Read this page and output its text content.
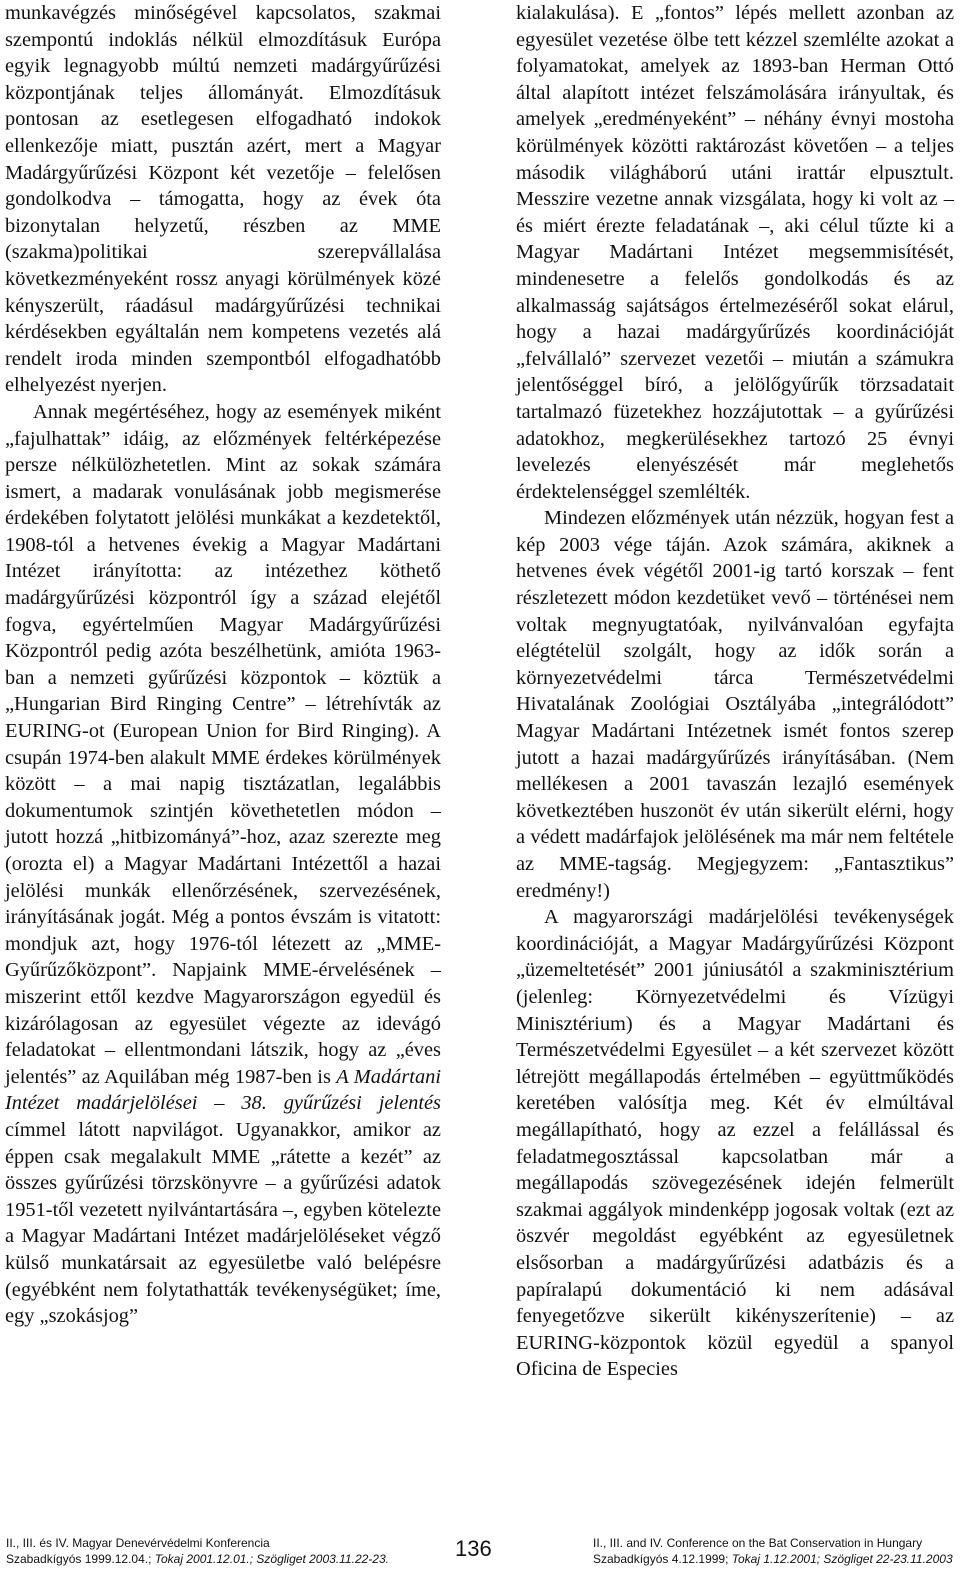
munkavégzés minőségével kapcsolatos, szakmai szempontú indoklás nélkül elmozdításuk Európa egyik legnagyobb múltú nemzeti madárgyűrűzési központjának teljes állományát. Elmozdításuk pontosan az esetlegesen elfogadható indokok ellenkezője miatt, pusztán azért, mert a Magyar Madárgyűrűzési Központ két vezetője – felelősen gondolkodva – támogatta, hogy az évek óta bizonytalan helyzetű, részben az MME (szakma)politikai szerepvállalása következményeként rossz anyagi körülmények közé kényszerült, ráadásul madárgyűrűzési technikai kérdésekben egyáltalán nem kompetens vezetés alá rendelt iroda minden szempontból elfogadhatóbb elhelyezést nyerjen.

Annak megértéséhez, hogy az események miként „fajulhattak” idáig, az előzmények feltérképezése persze nélkülözhetetlen. Mint az sokak számára ismert, a madarak vonulásának jobb megismerése érdekében folytatott jelölési munkákat a kezdetektől, 1908-tól a hetvenes évekig a Magyar Madártani Intézet irányította: az intézethez köthető madárgyűrűzési központról így a század elejétől fogva, egyértelműen Magyar Madárgyűrűzési Központról pedig azóta beszélhetünk, amióta 1963-ban a nemzeti gyűrűzési központok – köztük a „Hungarian Bird Ringing Centre” – létrehívták az EURING-ot (European Union for Bird Ringing). A csupán 1974-ben alakult MME érdekes körülmények között – a mai napig tisztázatlan, legalábbis dokumentumok szintjén követhetetlen módon – jutott hozzá „hitbizományá”-hoz, azaz szerezte meg (orozta el) a Magyar Madártani Intézettől a hazai jelölési munkák ellenőrzésének, szervezésének, irányításának jogát. Még a pontos évszám is vitatott: mondjuk azt, hogy 1976-tól létezett az „MME-Gyűrűzőközpont”. Napjaink MME-érvelésének – miszerint ettől kezdve Magyarországon egyedül és kizárólagosan az egyesület végezte az idevágó feladatokat – ellentmondani látszik, hogy az „éves jelentés” az Aquilában még 1987-ben is A Madártani Intézet madárjelölései – 38. gyűrűzési jelentés címmel látott napvilágot. Ugyanakkor, amikor az éppen csak megalakult MME „rátette a kezét” az összes gyűrűzési törzskönyvre – a gyűrűzési adatok 1951-től vezetett nyilvántartására –, egyben kötelezte a Magyar Madártani Intézet madárjelöléseket végző külső munkatársait az egyesületbe való belépésre (egyébként nem folytathatták tevékenységüket; íme, egy „szokásjog”

kialakulása). E „fontos” lépés mellett azonban az egyesület vezetése ölbe tett kézzel szemlélte azokat a folyamatokat, amelyek az 1893-ban Herman Ottó által alapított intézet felszámolására irányultak, és amelyek „eredményeként” – néhány évnyi mostoha körülmények közötti raktározást követően – a teljes második világháború utáni irattár elpusztult. Messzire vezetne annak vizsgálata, hogy ki volt az – és miért érezte feladatának –, aki célul tűzte ki a Magyar Madártani Intézet megsemmisítését, mindenesetre a felelős gondolkodás és az alkalmasság sajátságos értelmezéséről sokat elárul, hogy a hazai madárgyűrűzés koordinációját „felvállaló” szervezet vezetői – miután a számukra jelentőséggel bíró, a jelölőgyűrűk törzsadatait tartalmazó füzetekhez hozzájutottak – a gyűrűzési adatokhoz, megkerülésekhez tartozó 25 évnyi levelezés elenyészését már meglehetős érdektelenséggel szemlélték.

Mindezen előzmények után nézzük, hogyan fest a kép 2003 vége táján. Azok számára, akiknek a hetvenes évek végétől 2001-ig tartó korszak – fent részletezett módon kezdetüket vevő – történései nem voltak megnyugtatóak, nyilvánvalóan egyfajta elégtételül szolgált, hogy az idők során a környezetvédelmi tárca Természetvédelmi Hivatalának Zoológiai Osztályába „integrálódott” Magyar Madártani Intézetnek ismét fontos szerep jutott a hazai madárgyűrűzés irányításában. (Nem mellékesen a 2001 tavaszán lezajló események következtében huszonöt év után sikerült elérni, hogy a védett madárfajok jelölésének ma már nem feltétele az MME-tagság. Megjegyzem: „Fantasztikus” eredmény!)

A magyarországi madárjelölési tevékenységek koordinációját, a Magyar Madárgyűrűzési Központ „üzemeltetését” 2001 júniusától a szakminisztérium (jelenleg: Környezetvédelmi és Vízügyi Minisztérium) és a Magyar Madártani és Természetvédelmi Egyesület – a két szervezet között létrejött megállapodás értelmében – együttműködés keretében valósítja meg. Két év elmúltával megállapítható, hogy az ezzel a felállással és feladatmegosztással kapcsolatban már a megállapodás szövegezésének idején felmerült szakmai aggályok mindenképp jogosak voltak (ezt az öszvér megoldást egyébként az egyesületnek elsősorban a madárgyűrűzési adatbázis és a papíralapú dokumentáció ki nem adásával fenyegetőzve sikerült kikényszerítenie) – az EURING-központok közül egyedül a spanyol Oficina de Especies

II., III. és IV. Magyar Denevérvédelmi Konferencia
Szabadkígyós 1999.12.04.; Tokaj 2001.12.01.; Szögliget 2003.11.22-23.	136	II., III. and IV. Conference on the Bat Conservation in Hungary
Szabadkígyós 4.12.1999; Tokaj 1.12.2001; Szögliget 22-23.11.2003
